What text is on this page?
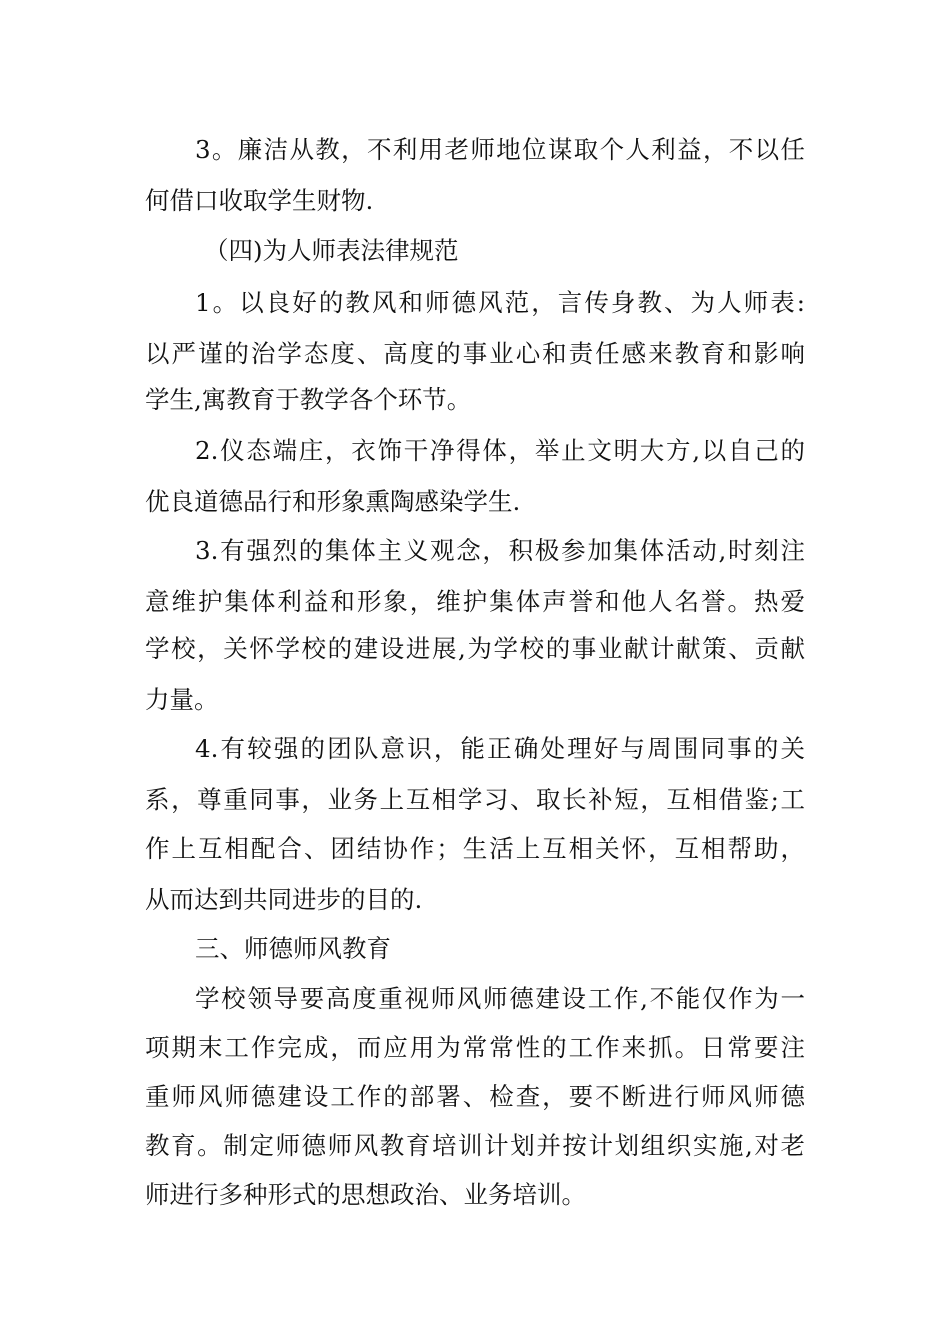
3。廉洁从教，不利用老师地位谋取个人利益，不以任
何借口收取学生财物.
（四)为人师表法律规范
1。以良好的教风和师德风范，言传身教、为人师表:
以严谨的治学态度、高度的事业心和责任感来教育和影响
学生,寓教育于教学各个环节。
2.仪态端庄，衣饰干净得体，举止文明大方,以自己的
优良道德品行和形象熏陶感染学生.
3.有强烈的集体主义观念，积极参加集体活动,时刻注
意维护集体利益和形象，维护集体声誉和他人名誉。热爱
学校，关怀学校的建设进展,为学校的事业献计献策、贡献
力量。
4.有较强的团队意识，能正确处理好与周围同事的关
系，尊重同事，业务上互相学习、取长补短，互相借鉴;工
作上互相配合、团结协作；生活上互相关怀，互相帮助，
从而达到共同进步的目的.
三、师德师风教育
学校领导要高度重视师风师德建设工作,不能仅作为一
项期末工作完成，而应用为常常性的工作来抓。日常要注
重师风师德建设工作的部署、检查，要不断进行师风师德
教育。制定师德师风教育培训计划并按计划组织实施,对老
师进行多种形式的思想政治、业务培训。
